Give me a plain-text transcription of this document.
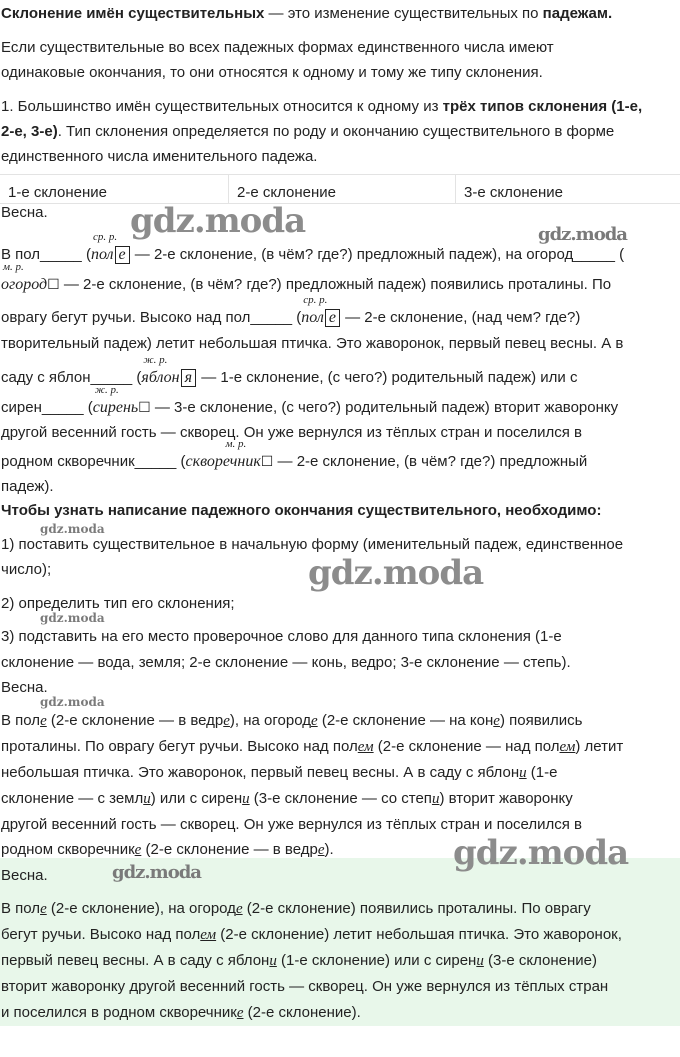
Склонение имён существительных — это изменение существительных по падежам.
Если существительные во всех падежных формах единственного числа имеют
одинаковые окончания, то они относятся к одному и тому же типу склонения.
1. Большинство имён существительных относится к одному из трёх типов склонения (1-е,
2-е, 3-е). Тип склонения определяется по роду и окончанию существительного в форме
единственного числа именительного падежа.
1-е склонение	2-е склонение	3-е склонение
Весна.
В пол_____ (
ср. р.
пол е — 2-е склонение, (в чём? где?) предложный падеж), на огород_____ (
м. р.
огород☐ — 2-е склонение, (в чём? где?) предложный падеж) появились проталины. По
оврагу бегут ручьи. Высоко над пол_____ (
ср. р.
пол е — 2-е склонение, (над чем? где?)
творительный падеж) летит небольшая птичка. Это жаворонок, первый певец весны. А в
саду с яблон_____ (
ж. р.
яблон я — 1-е склонение, (с чего?) родительный падеж) или с
сирен_____ (
ж. р.
сирень☐ — 3-е склонение, (с чего?) родительный падеж) вторит жаворонку
другой весенний гость — скворец. Он уже вернулся из тёплых стран и поселился в
родном скворечник_____ (
м. р.
скворечник☐ — 2-е склонение, (в чём? где?) предложный
падеж).
Чтобы узнать написание падежного окончания существительного, необходимо:
1) поставить существительное в начальную форму (именительный падеж, единственное
число);
2) определить тип его склонения;
3) подставить на его место проверочное слово для данного типа склонения (1-е
склонение — вода, земля; 2-е склонение — конь, ведро; 3-е склонение — степь).
Весна.
В поле (2-е склонение — в ведре), на огороде (2-е склонение — на коне) появились
проталины. По оврагу бегут ручьи. Высоко над полем (2-е склонение — над полем) летит
небольшая птичка. Это жаворонок, первый певец весны. А в саду с яблони (1-е
склонение — с земли) или с сирени (3-е склонение — со степи) вторит жаворонку
другой весенний гость — скворец. Он уже вернулся из тёплых стран и поселился в
родном скворечнике (2-е склонение — в ведре).
Весна.
В поле (2-е склонение), на огороде (2-е склонение) появились проталины. По оврагу
бегут ручьи. Высоко над полем (2-е склонение) летит небольшая птичка. Это жаворонок,
первый певец весны. А в саду с яблони (1-е склонение) или с сирени (3-е склонение)
вторит жаворонку другой весенний гость — скворец. Он уже вернулся из тёплых стран
и поселился в родном скворечнике (2-е склонение).
gdz.moda	gdz.moda
gdz.moda
gdz.moda
gdz.moda
gdz.moda
gdz.moda
gdz.moda
